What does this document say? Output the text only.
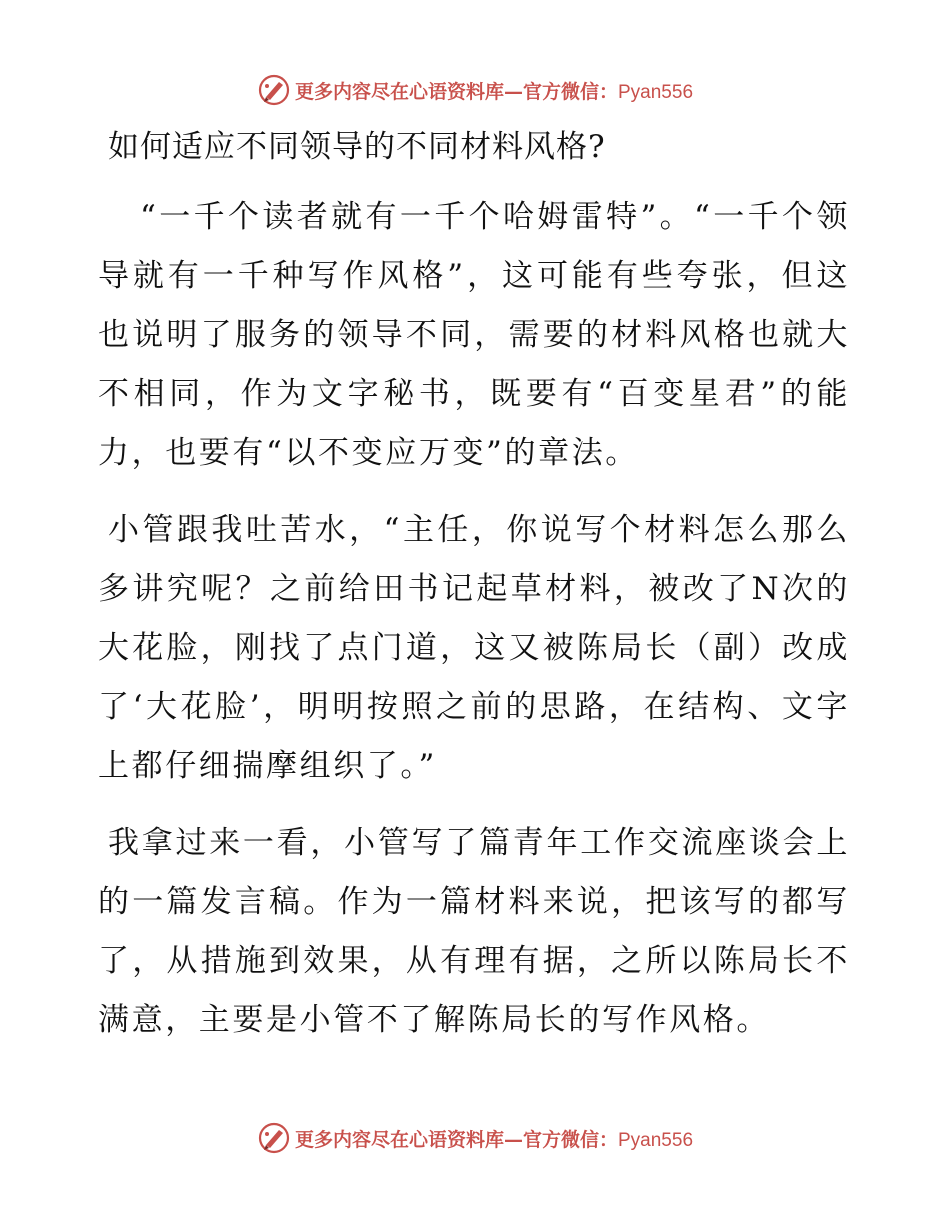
更多内容尽在心语资料库—官方微信：Pyan556
如何适应不同领导的不同材料风格?

“一千个读者就有一千个哈姆雷特”。“一千个领导就有一千种写作风格”，这可能有些夸张，但这也说明了服务的领导不同，需要的材料风格也就大不相同，作为文字秘书，既要有“百变星君”的能力，也要有“以不变应万变”的章法。

小管跟我吐苦水，“主任，你说写个材料怎么那么多讲究呢？之前给田书记起草材料，被改了N次的大花脸，刚找了点门道，这又被陈局长（副）改成了‘大花脸’，明明按照之前的思路，在结构、文字上都仔细揣摩组织了。”

我拿过来一看，小管写了篇青年工作交流座谈会上的一篇发言稿。作为一篇材料来说，把该写的都写了，从措施到效果，从有理有据，之所以陈局长不满意，主要是小管不了解陈局长的写作风格。

更多内容尽在心语资料库—官方微信：Pyan556
